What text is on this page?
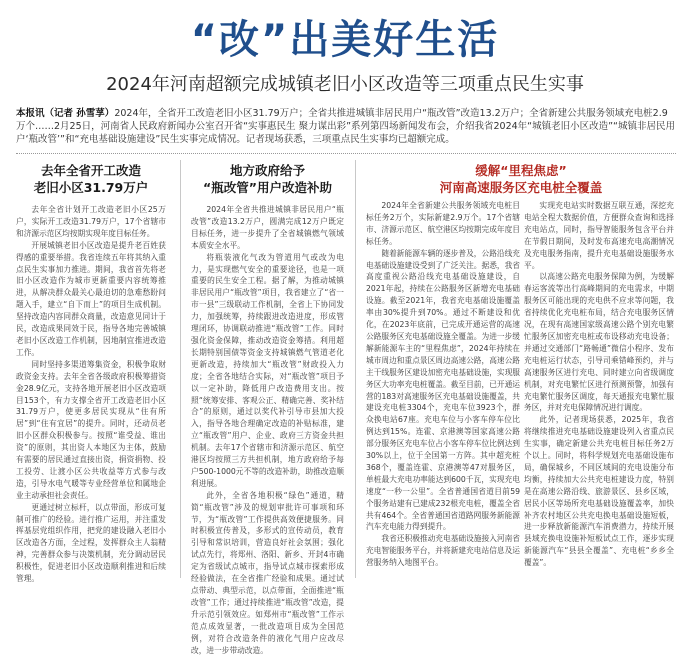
“改”出美好生活
2024年河南超额完成城镇老旧小区改造等三项重点民生实事
本报讯（记者 孙雪莩）2024年，全省开工改造老旧小区31.79万户；全省共推进城镇非居民用户“瓶改管”改造13.2万户；全省新建公共服务领域充电桩2.9万个……2月25日，河南省人民政府新闻办公室召开省“实事惠民生 聚力谋出彩”系列第四场新闻发布会，介绍我省2024年“城镇老旧小区改造”“城镇非居民用户‘瓶改管’”和“充电基础设施建设”民生实事完成情况。记者现场获悉，三项重点民生实事均已超额完成。
去年全省开工改造
老旧小区31.79万户

去年全省计划开工改造老旧小区25万户，实际开工改造31.79万户，17个省辖市和济源示范区均按期实现年度目标任务。

开展城镇老旧小区改造是提升老百姓获得感的重要举措。我省连续五年将其纳入重点民生实事加力推进。期间，我省首先将老旧小区改造作为城市更新重要内容统筹推进，从解决群众最关心最迫切的急难愁盼问题入手，建立“自下而上”的项目生成机制。坚持改造内容同群众商量，改造意见同计于民，改造成果同效于民，指导各地完善城镇老旧小区改造工作机制，因地制宜推进改造工作。

同时坚持多渠道筹集资金，积极争取财政资金支持。去年全省各级政府积极筹措资金28.9亿元，支持各地开展老旧小区改造项目153个，有力支撑全省开工改造老旧小区31.79万户，使更多居民实现从“住有所居”到“住有宜居”的提升。同时，还动员老旧小区群众积极参与。按照“谁受益、谁出资”的原则，其出资人本地区为主体，鼓励有需要的居民通过直接出资，捐资捐物、投工投劳、让渡小区公共收益等方式参与改造，引导水电气暖等专业经营单位和属地企业主动承担社会责任。

更通过树立标杆，以点带面，形成可复制可推广的经验。进行推广运用，并注重发挥基层党组织作用，把党的建设融入老旧小区改造各方面，全过程，发挥群众主人翁精神，完善群众参与决策机制，充分调动居民积极性，促进老旧小区改造顺利推进和后续管理。

地方政府给予
“瓶改管”用户改造补助

2024年全省共推进城镇非居民用户“瓶改管”改造13.2万户，圆满完成12万户既定目标任务，进一步提升了全省城镇燃气领域本质安全水平。

将瓶装液化气改为管道用气或改为电力，是实现燃气安全的重要途径，也是一项重要的民生安全工程。据了解，为推动城镇非居民用户“瓶改管”项目，我省建立了“省一市一县”三级联动工作机制，全省上下协同发力，加强统筹，持续跟进改造进度，形成管理闭环，协调联动推进“瓶改管”工作。同时强化资金保障，推动改造资金筹措。利用超长期特别国债等资金支持城镇燃气管道老化更新改造，持续加大“瓶改管”财政投入力度；全省各地结合实际，对“瓶改管”项目予以一定补助，降低用户改造费用支出。按照“统筹安排、客观公正、精确完善、奖补结合”的原则，通过以奖代补引导市县加大投入，指导各地合理确定改造的补贴标准，建立“瓶改管”用户、企业、政府三方资金共担机制。去年17个省辖市和济源示范区、航空港区均按照三方共担机制，地方政府给予每户500-1000元不等的改造补助，助推改造顺利进展。

此外，全省各地积极“绿色”通道，精简“瓶改管”涉及的规划审批许可事项和环节，为“瓶改管”工作提供高效便捷服务。同时积极宣传普及，多形式的宣传动员，教育引导和常识培训，营造良好社会氛围；强化试点先行，将郑州、洛阳、新乡、开封4市确定为省级试点城市，指导试点城市探索形成经验做法，在全省推广经验和成果。通过试点带动、典型示范，以点带面，全面推进“瓶改管”工作；通过持续推进“瓶改管”改造，提升示范引领效应。如郑州市“瓶改管”工作示范点成效显著，一批改造项目成为全国范例，对符合改造条件的液化气用户应改尽改，进一步带动改造。

缓解“里程焦虑”
河南高速服务区充电桩全覆盖

2024年全省新建公共服务领域充电桩目标任务2万个，实际新建2.9万个。17个省辖市、济源示范区、航空港区均按期完成年度目标任务。

随着新能源车辆的逐步普及，公路沿线充电基础设施建设受到了广泛关注。据悉，我省高度重视公路沿线充电基础设施建设，自2021年起，持续在公路服务区新增充电基础设施。截至2021年，我省充电基础设施覆盖率由30%提升到70%。通过不断建设和优化，在2023年底前，已完成开通运营的高速公路服务区充电基础设施全覆盖。为进一步缓解新能源车主的“里程焦虑”，2024年持续在城市周边和重点景区周边高速公路，高速公路主干线服务区建设加密充电基础设施，实现服务区大功率充电桩覆盖。截至目前，已开通运营的183对高速服务区充电基础设施覆盖，共建设充电桩3304个，充电车位3923个，群众换电站67座。充电车位与小客车停车位比例达到15%。连霍、京港澳等国家高速公路部分服务区充电车位占小客车停车位比例达到30%以上，位于全国第一方阵。其中超充桩368个，覆盖连霍、京港澳等47对服务区，单桩最大充电功率能达到600千瓦，实现充电速度“一秒一公里”。全省普通国省道目前59个服务站建有已建成232根充电桩，覆盖全省共有464个。全省普通国省道路网服务新能源汽车充电能力得到提升。

我省还积极推动充电基础设施接入河南省充电智能服务平台，并将新建充电站信息及运营服务纳入地图平台。

实现充电站实时数据互联互通，深挖充电站全程大数据价值，方便群众查询和选择充电站点，同时，指导智能服务包含平台并在节假日期间，及时发布高速充电高潮情况及充电服务指南，提升充电基础设施服务水平。

以高速公路充电服务保障为例，为缓解春运客流等出行高峰期间的充电需求，中期服务区可能出现的充电供不应求等问题，我省持续优化充电桩布局，结合充电服务区情况，在现有高速国家级高速公路个别充电繁忙服务区加密充电桩或布设移动充电设备；并通过交通部门“路畅通”微信小程序、发布充电桩运行状态，引导司乘错峰预约，并与高速服务区进行充电、同时建立向省级调度机制，对充电繁忙区进行预测预警，加强有充电繁忙服务区调度，每天通报充电繁忙服务区，并对充电保障情况进行调度。

此外，记者现场获悉，2025年，我省将继续推进充电基础设施建设列入省重点民生实事，确定新建公共充电桩目标任务2万个以上。同时，将科学规划充电基础设施布局，确保城乡，不同区域间的充电设施分布均衡，持续加大公共充电桩建设力度，特别是在高速公路沿线、旅游景区、县乡区域，居民小区等场所充电基础设施覆盖率，加快补齐农村地区公共充电换电基础设施短板，进一步释放新能源汽车消费潜力，持续开展县域充换电设施补短板试点工作，逐步实现新能源汽车“县县全覆盖”、充电桩“乡乡全覆盖”。
